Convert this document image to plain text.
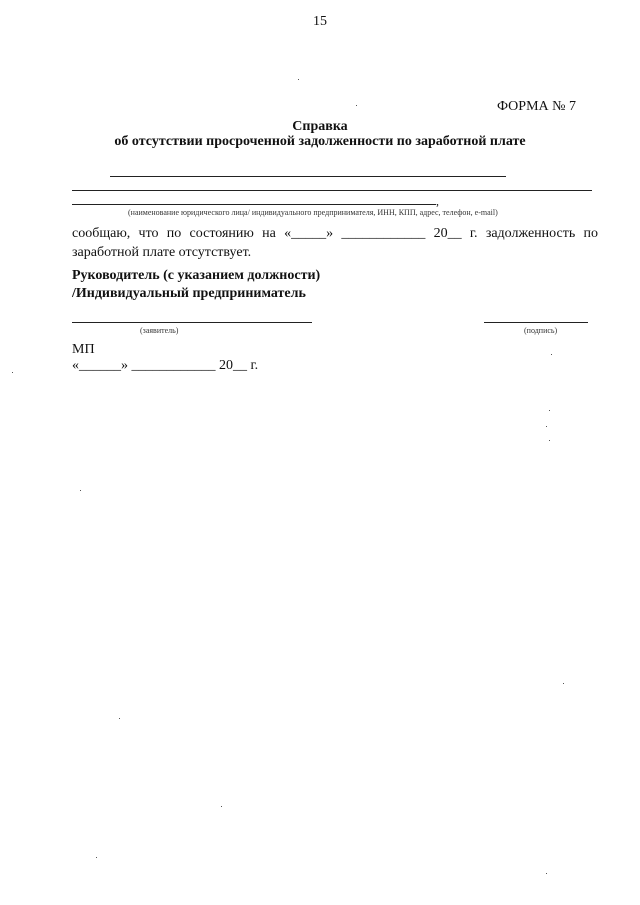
15
ФОРМА № 7
Справка
об отсутствии просроченной задолженности по заработной плате
,
(наименование юридического лица/ индивидуального предпринимателя, ИНН, КПП, адрес, телефон, e-mail)
сообщаю, что по состоянию на «_____» ____________ 20__ г. задолженность по заработной плате отсутствует.
Руководитель (с указанием должности)
/Индивидуальный предприниматель
(заявитель)	(подпись)
МП
«______» ____________ 20__ г.
